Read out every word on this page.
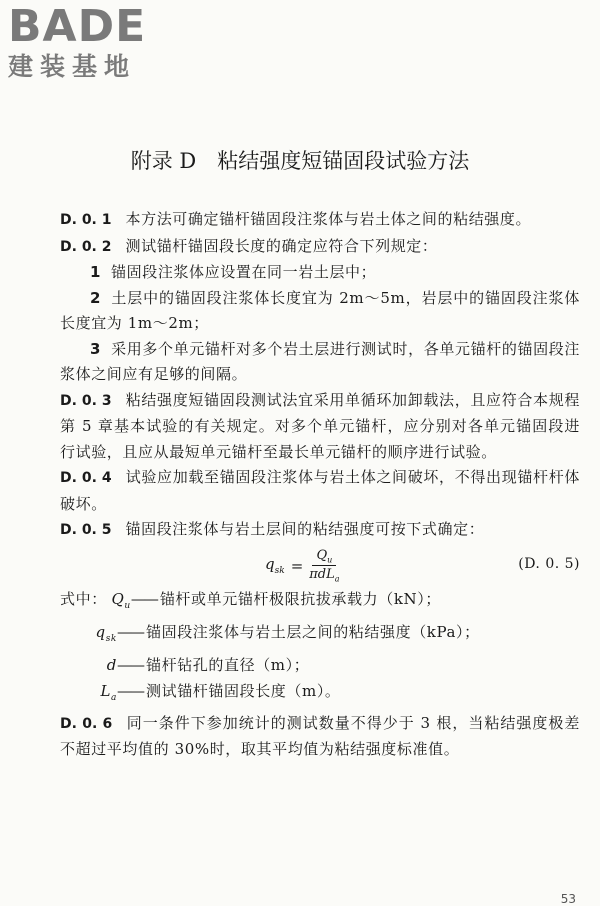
BADE
建装基地
附录 D　粘结强度短锚固段试验方法

D. 0. 1 本方法可确定锚杆锚固段注浆体与岩土体之间的粘结强度。

D. 0. 2 测试锚杆锚固段长度的确定应符合下列规定：

1 锚固段注浆体应设置在同一岩土层中；

2 土层中的锚固段注浆体长度宜为 2m～5m，岩层中的锚固段注浆体长度宜为 1m～2m；

3 采用多个单元锚杆对多个岩土层进行测试时，各单元锚杆的锚固段注浆体之间应有足够的间隔。

D. 0. 3 粘结强度短锚固段测试法宜采用单循环加卸载法，且应符合本规程第 5 章基本试验的有关规定。对多个单元锚杆，应分别对各单元锚固段进行试验，且应从最短单元锚杆至最长单元锚杆的顺序进行试验。

D. 0. 4 试验应加载至锚固段注浆体与岩土体之间破坏，不得出现锚杆杆体破坏。

D. 0. 5 锚固段注浆体与岩土层间的粘结强度可按下式确定：

$q_{sk} = \frac{Q_u}{\pi dL_a}$	(D. 0. 5)
式中： $Q_u——$ 锚杆或单元锚杆极限抗拔承载力（kN）；
$q_{sk}——$ 锚固段注浆体与岩土层之间的粘结强度（kPa）；
d—— 锚杆钻孔的直径（m）；
$L_a——$ 测试锚杆锚固段长度（m）。

D. 0. 6 同一条件下参加统计的测试数量不得少于 3 根，当粘结强度极差不超过平均值的 30%时，取其平均值为粘结强度标准值。

53
